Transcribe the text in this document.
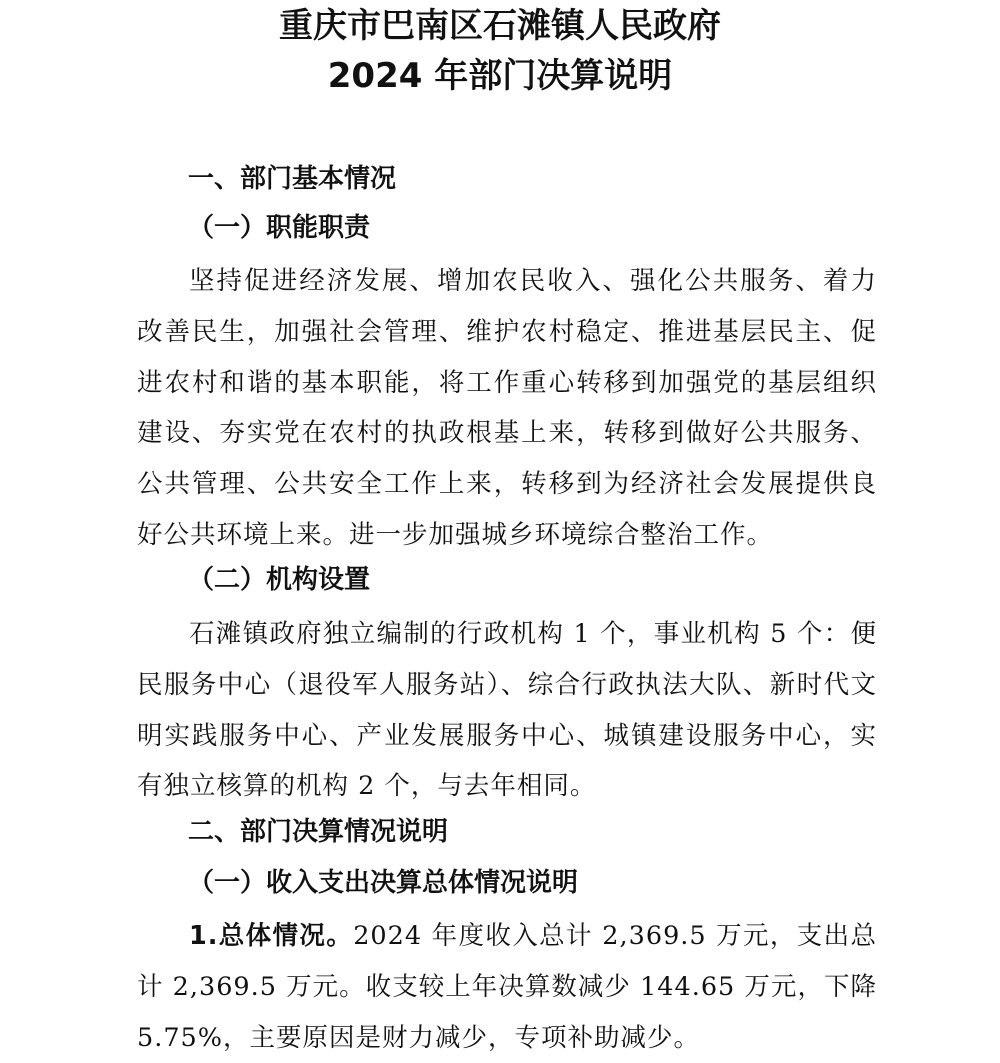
重庆市巴南区石滩镇人民政府
2024 年部门决算说明
一、部门基本情况
（一）职能职责

坚持促进经济发展、增加农民收入、强化公共服务、着力改善民生，加强社会管理、维护农村稳定、推进基层民主、促进农村和谐的基本职能，将工作重心转移到加强党的基层组织建设、夯实党在农村的执政根基上来，转移到做好公共服务、公共管理、公共安全工作上来，转移到为经济社会发展提供良好公共环境上来。进一步加强城乡环境综合整治工作。

（二）机构设置

石滩镇政府独立编制的行政机构 1 个，事业机构 5 个：便民服务中心（退役军人服务站）、综合行政执法大队、新时代文明实践服务中心、产业发展服务中心、城镇建设服务中心，实有独立核算的机构 2 个，与去年相同。

二、部门决算情况说明
（一）收入支出决算总体情况说明

1.总体情况。2024 年度收入总计 2,369.5 万元，支出总计 2,369.5 万元。收支较上年决算数减少 144.65 万元，下降 5.75%，主要原因是财力减少，专项补助减少。
